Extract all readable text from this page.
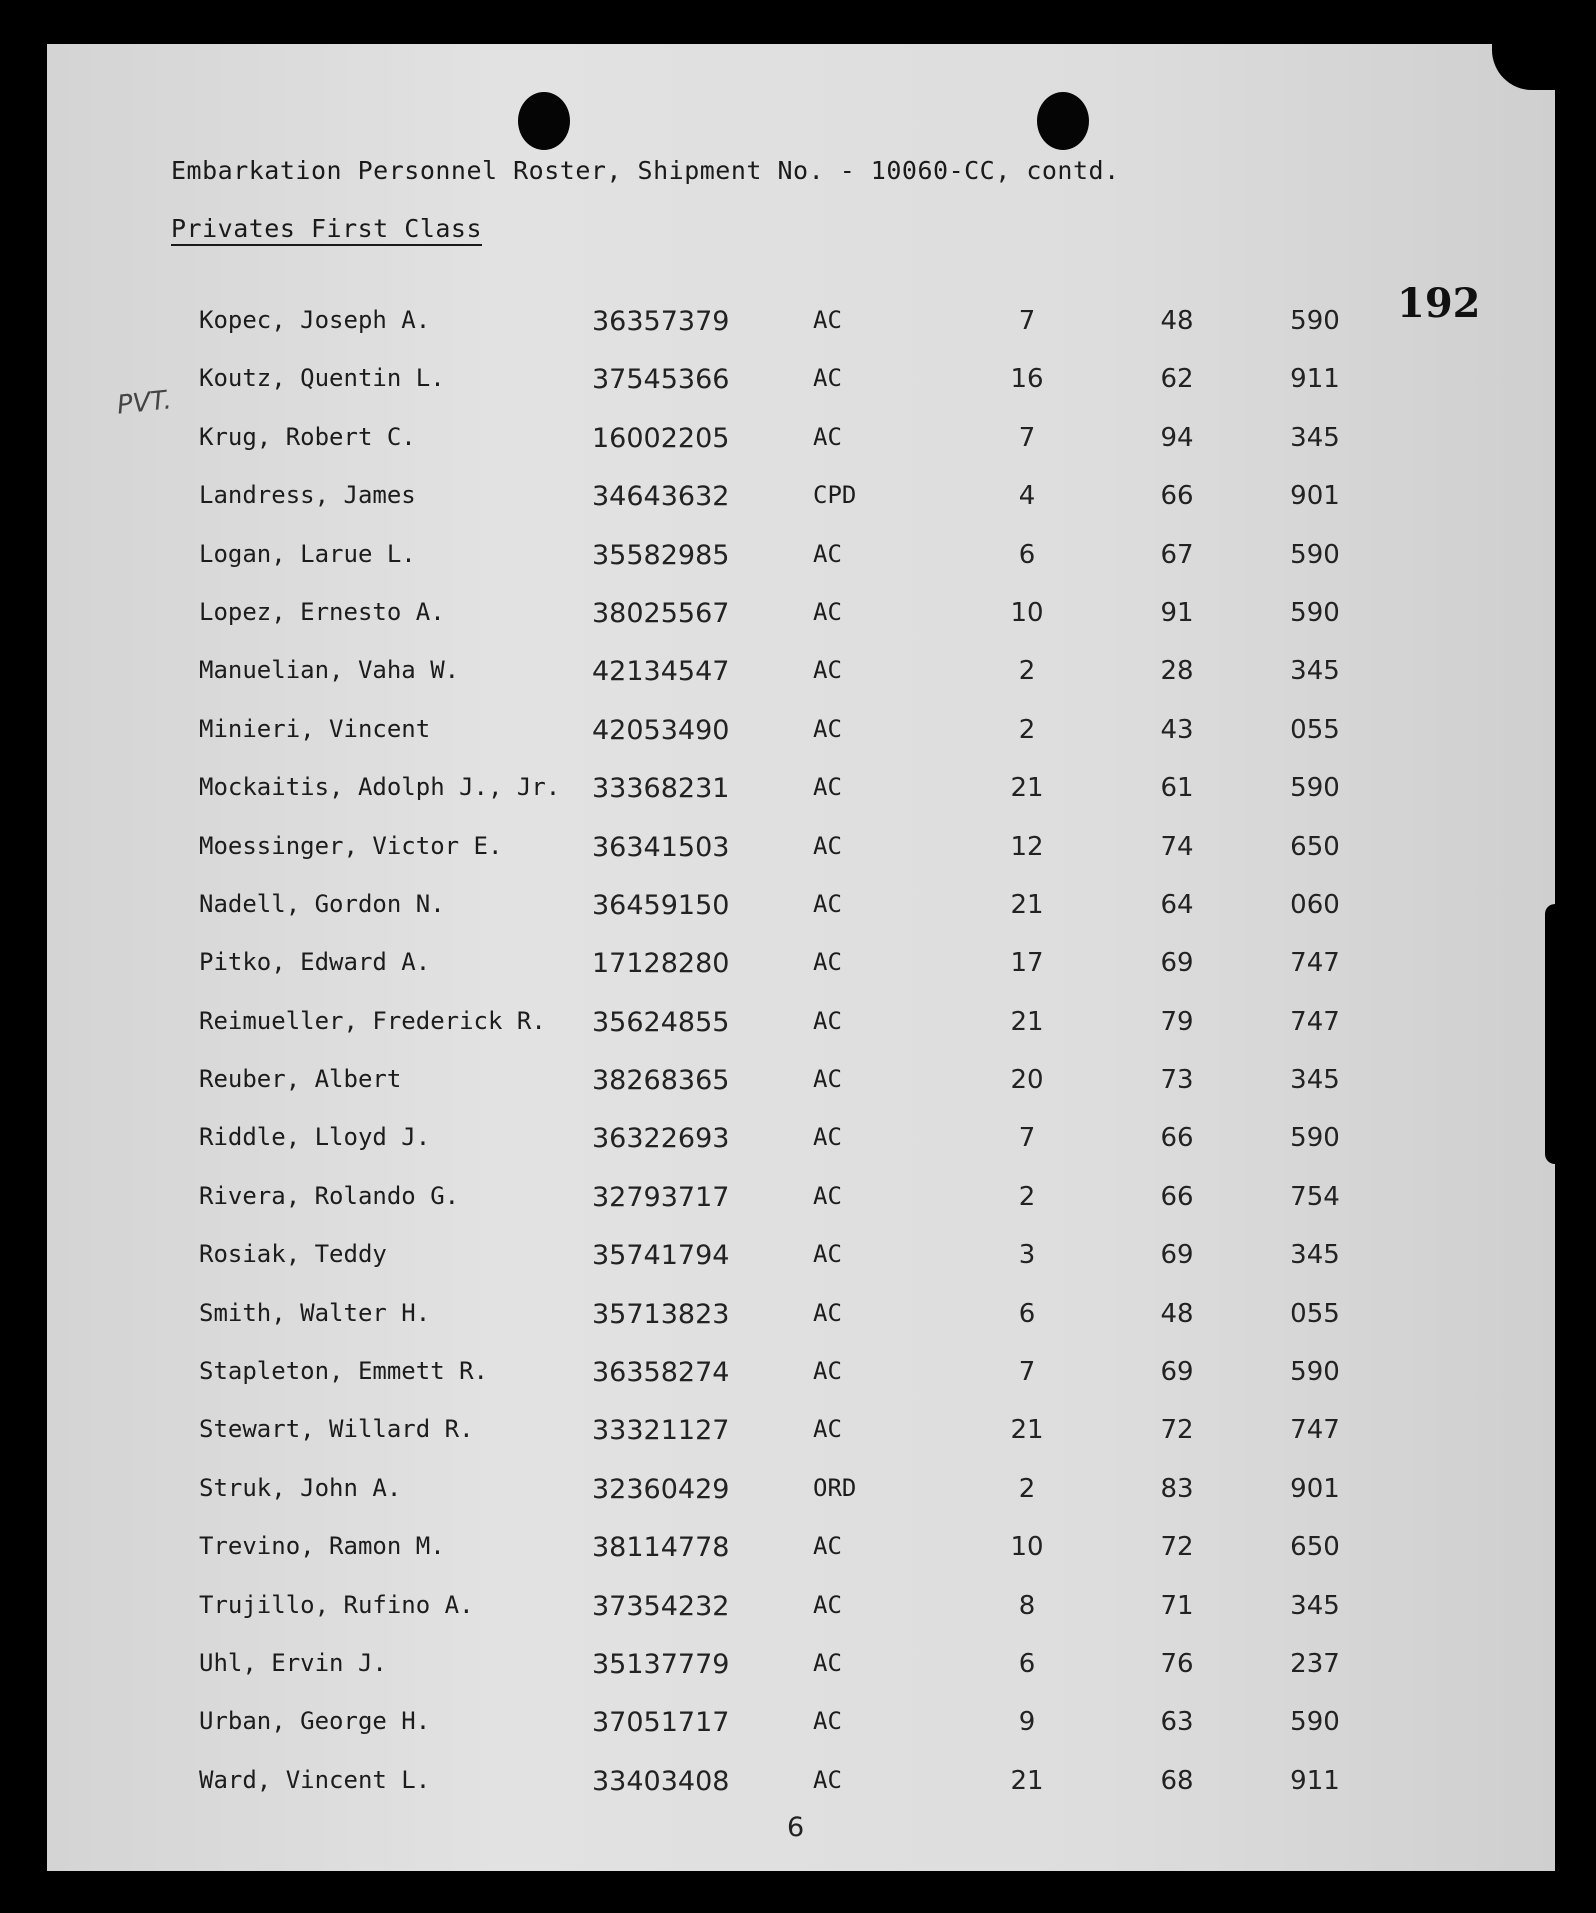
Embarkation Personnel Roster, Shipment No. - 10060-CC, contd.
Privates First Class
192
PVT.
Kopec, Joseph A.	36357379	AC	7	48	590
Koutz, Quentin L.	37545366	AC	16	62	911
Krug, Robert C.	16002205	AC	7	94	345
Landress, James	34643632	CPD	4	66	901
Logan, Larue L.	35582985	AC	6	67	590
Lopez, Ernesto A.	38025567	AC	10	91	590
Manuelian, Vaha W.	42134547	AC	2	28	345
Minieri, Vincent	42053490	AC	2	43	055
Mockaitis, Adolph J., Jr. 33368231	AC	21	61	590
Moessinger, Victor E.	36341503	AC	12	74	650
Nadell, Gordon N.	36459150	AC	21	64	060
Pitko, Edward A.	17128280	AC	17	69	747
Reimueller, Frederick R. 35624855	AC	21	79	747
Reuber, Albert	38268365	AC	20	73	345
Riddle, Lloyd J.	36322693	AC	7	66	590
Rivera, Rolando G.	32793717	AC	2	66	754
Rosiak, Teddy	35741794	AC	3	69	345
Smith, Walter H.	35713823	AC	6	48	055
Stapleton, Emmett R.	36358274	AC	7	69	590
Stewart, Willard R.	33321127	AC	21	72	747
Struk, John A.	32360429	ORD	2	83	901
Trevino, Ramon M.	38114778	AC	10	72	650
Trujillo, Rufino A.	37354232	AC	8	71	345
Uhl, Ervin J.	35137779	AC	6	76	237
Urban, George H.	37051717	AC	9	63	590
Ward, Vincent L.	33403408	AC	21	68	911
6
